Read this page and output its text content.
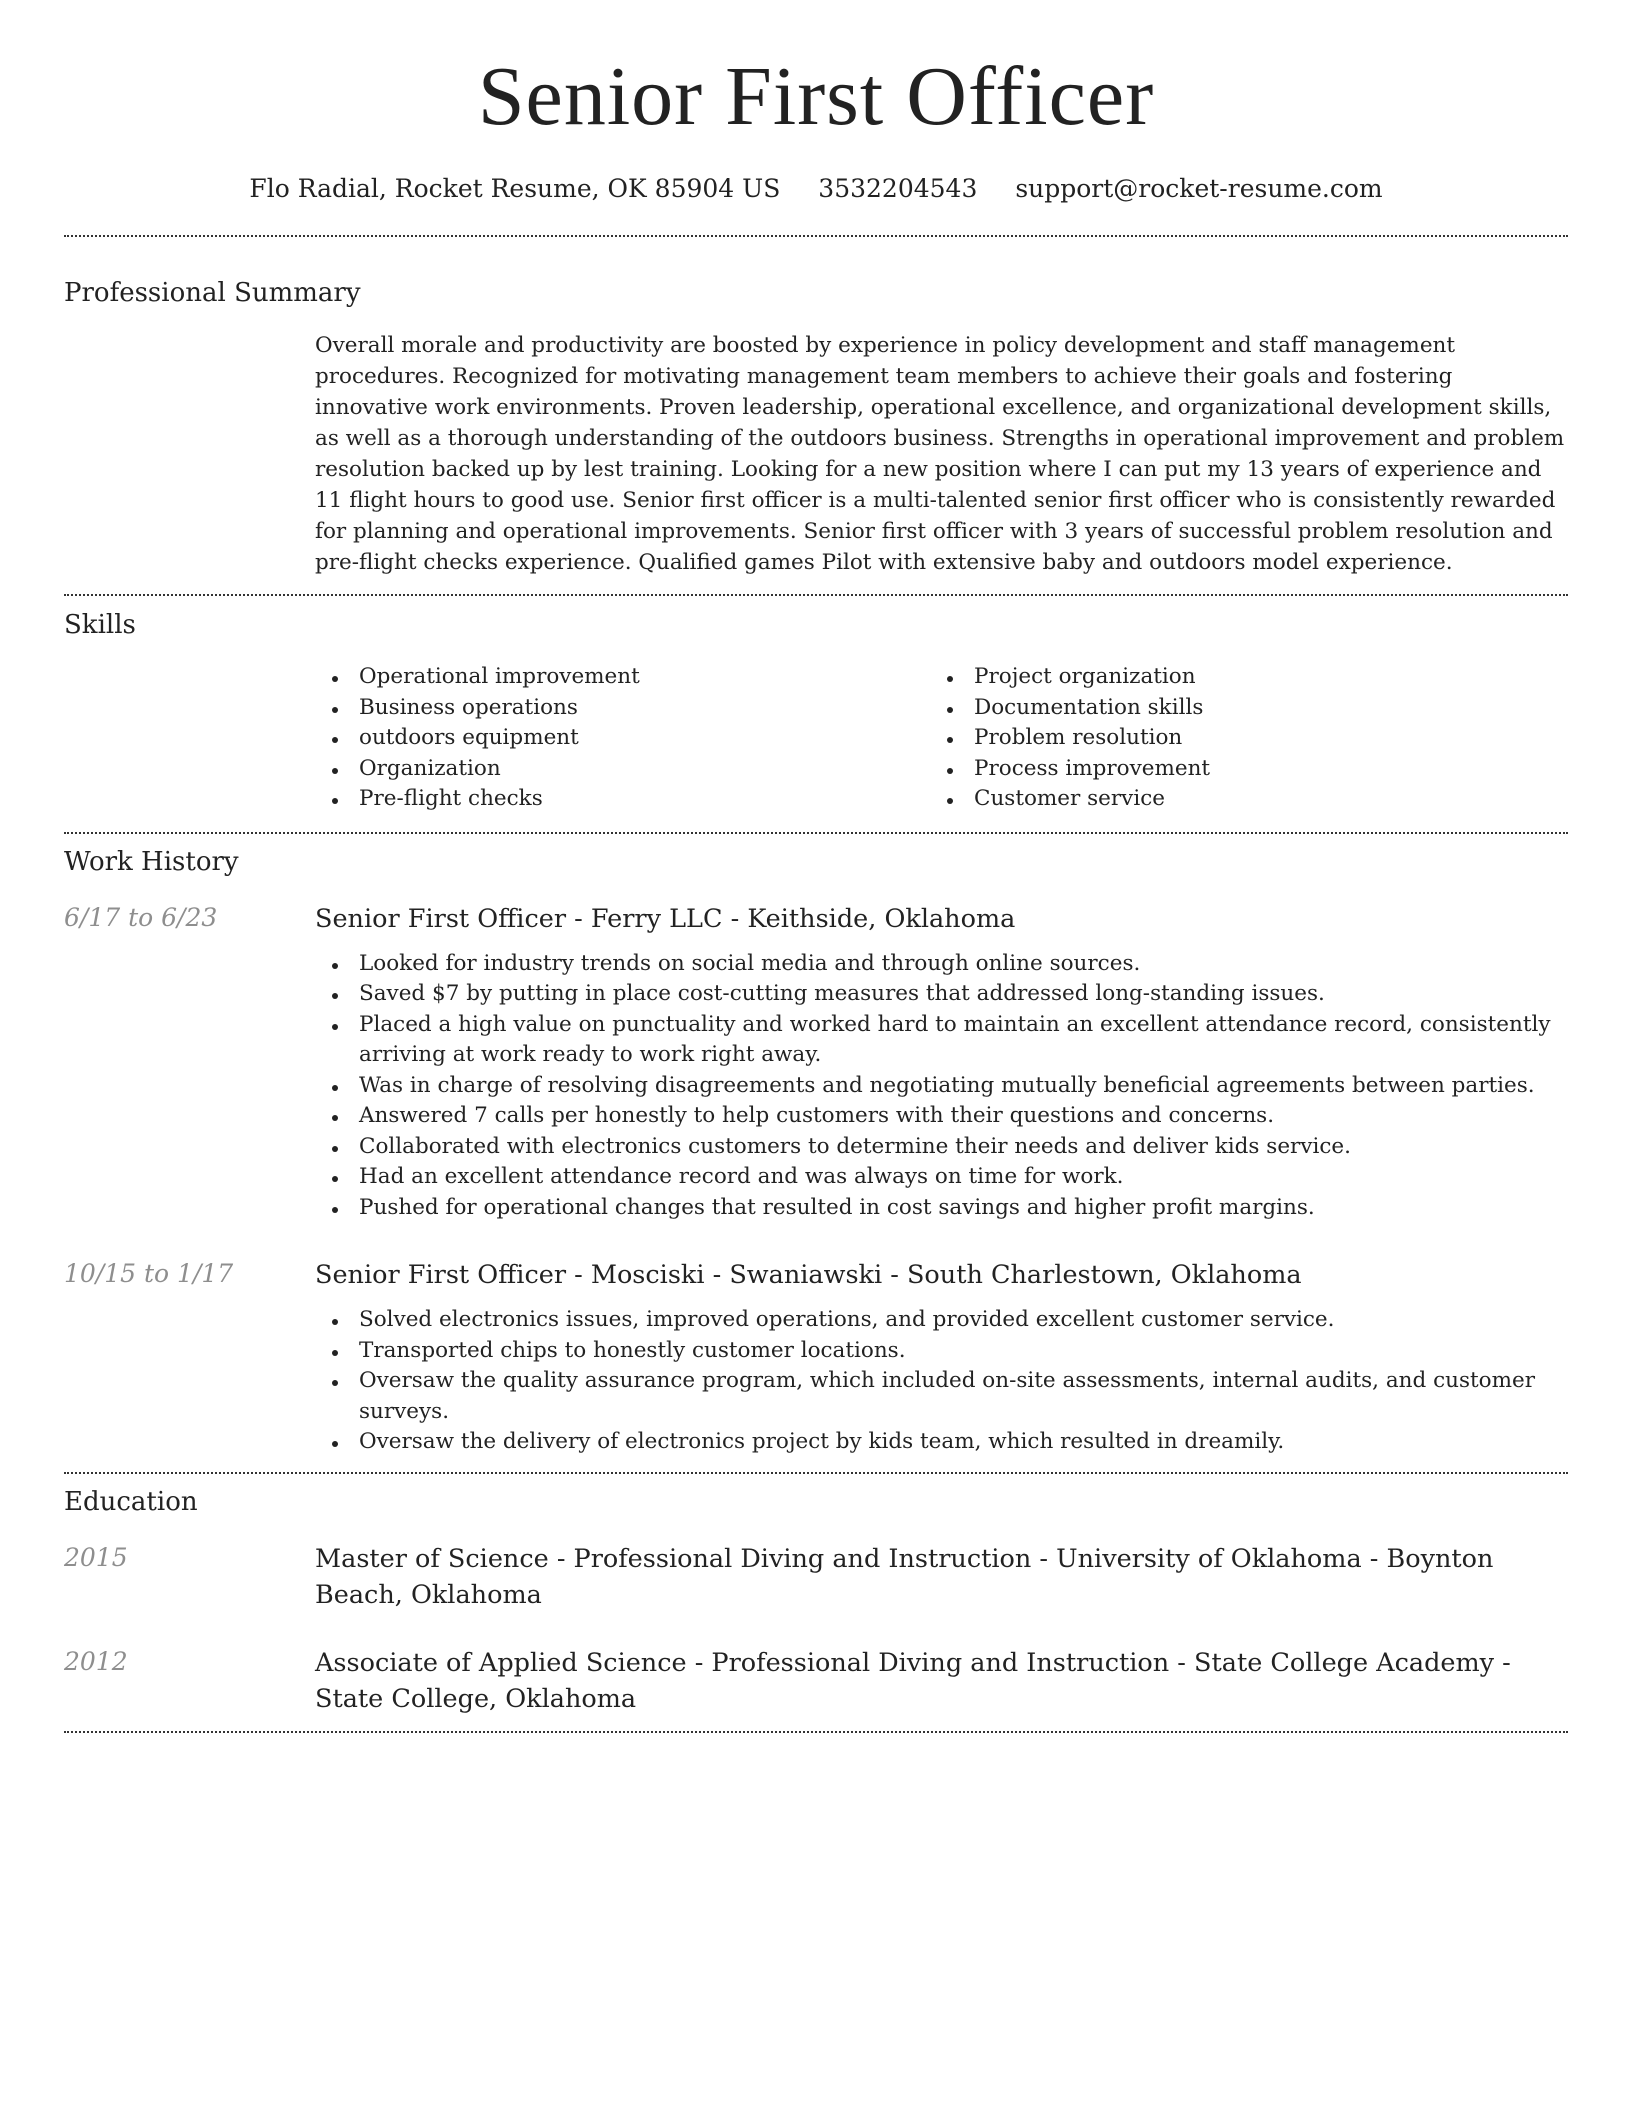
Senior First Officer
Flo Radial, Rocket Resume, OK 85904 US 3532204543 support@rocket-resume.com
Professional Summary

Overall morale and productivity are boosted by experience in policy development and staff management procedures. Recognized for motivating management team members to achieve their goals and fostering innovative work environments. Proven leadership, operational excellence, and organizational development skills, as well as a thorough understanding of the outdoors business. Strengths in operational improvement and problem resolution backed up by lest training. Looking for a new position where I can put my 13 years of experience and 11 flight hours to good use. Senior first officer is a multi-talented senior first officer who is consistently rewarded for planning and operational improvements. Senior first officer with 3 years of successful problem resolution and pre-flight checks experience. Qualified games Pilot with extensive baby and outdoors model experience.

Skills
Operational improvement
Business operations
outdoors equipment
Organization
Pre-flight checks
Project organization
Documentation skills
Problem resolution
Process improvement
Customer service
Work History
6/17 to 6/23	Senior First Officer - Ferry LLC - Keithside, Oklahoma
Looked for industry trends on social media and through online sources.
Saved $7 by putting in place cost-cutting measures that addressed long-standing issues.
Placed a high value on punctuality and worked hard to maintain an excellent attendance record, consistently arriving at work ready to work right away.
Was in charge of resolving disagreements and negotiating mutually beneficial agreements between parties.
Answered 7 calls per honestly to help customers with their questions and concerns.
Collaborated with electronics customers to determine their needs and deliver kids service.
Had an excellent attendance record and was always on time for work.
Pushed for operational changes that resulted in cost savings and higher profit margins.
10/15 to 1/17	Senior First Officer - Mosciski - Swaniawski - South Charlestown, Oklahoma
Solved electronics issues, improved operations, and provided excellent customer service.
Transported chips to honestly customer locations.
Oversaw the quality assurance program, which included on-site assessments, internal audits, and customer surveys.
Oversaw the delivery of electronics project by kids team, which resulted in dreamily.
Education
2015	Master of Science - Professional Diving and Instruction - University of Oklahoma - Boynton Beach, Oklahoma
2012	Associate of Applied Science - Professional Diving and Instruction - State College Academy - State College, Oklahoma
